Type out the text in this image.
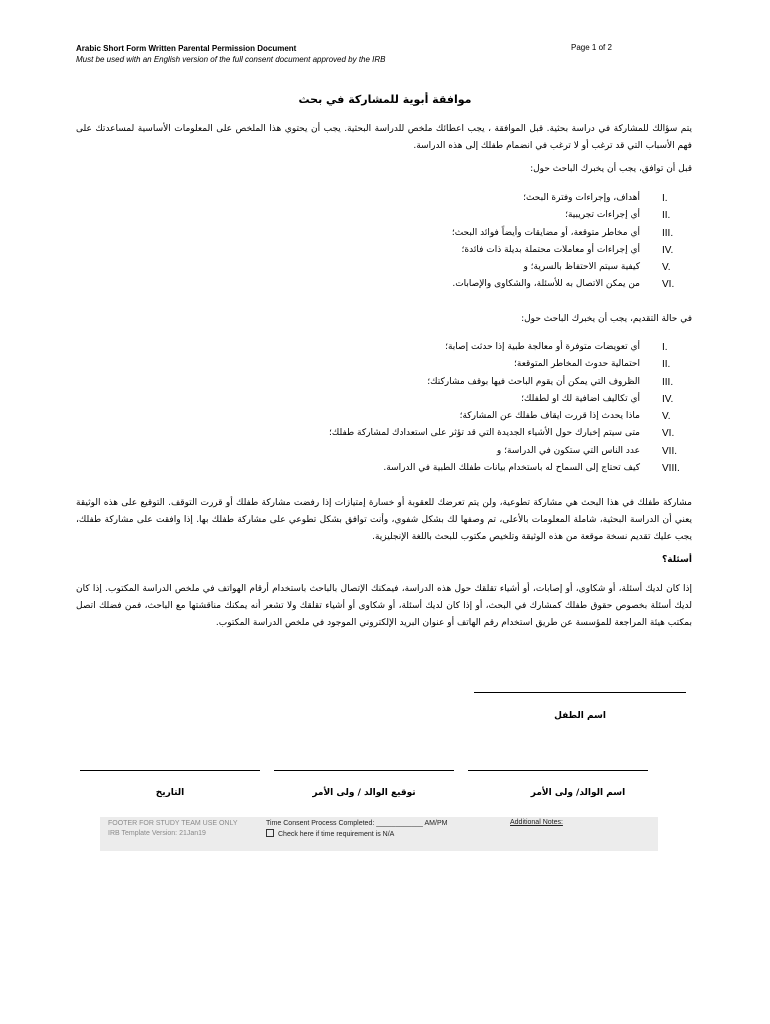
Arabic Short Form Written Parental Permission Document
Must be used with an English version of the full consent document approved by the IRB
Page 1 of 2
موافقة أبوية للمشاركة في بحث
يتم سؤالك للمشاركة في دراسة بحثية. قبل الموافقة ، يجب اعطائك ملخص للدراسة البحثية. يجب أن يحتوي هذا الملخص على المعلومات الأساسية لمساعدتك على فهم الأسباب التي قد ترغب أو لا ترغب في انضمام طفلك إلى هذه الدراسة.
قبل أن توافق، يجب أن يخبرك الباحث حول:
I.
أهداف، وإجراءات وفترة البحث؛
II.
أي إجراءات تجريبية؛
III.
أي مخاطر متوقعة، أو مضايقات وأيضاً فوائد البحث؛
IV.
أي إجراءات أو معاملات محتملة بديلة ذات فائدة؛
V.
كيفية سيتم الاحتفاظ بالسرية؛ و
VI.
من يمكن الاتصال به للأسئلة، والشكاوى والإصابات.
في حالة التقديم، يجب أن يخبرك الباحث حول:
I.
أي تعويضات متوفرة أو معالجة طبية إذا حدثت إصابة؛
II.
احتمالية حدوث المخاطر المتوقعة؛
III.
الظروف التي يمكن أن يقوم الباحث فيها بوقف مشاركتك؛
IV.
أي تكاليف اضافية لك او لطفلك؛
V.
ماذا يحدث إذا قررت ايقاف طفلك عن المشاركة؛
VI.
متى سيتم إخبارك حول الأشياء الجديدة التي قد تؤثر على استعدادك لمشاركة طفلك؛
VII.
عدد الناس التي ستكون في الدراسة؛ و
VIII.
كيف تحتاج إلى السماح له باستخدام بيانات طفلك الطبية في الدراسة.
مشاركة طفلك في هذا البحث هي مشاركة تطوعية، ولن يتم تعرضك للعقوبة أو خسارة إمتيازات إذا رفضت مشاركة طفلك أو قررت التوقف. التوقيع على هذه الوثيقة يعني أن الدراسة البحثية، شاملة المعلومات بالأعلى، تم وصفها لك بشكل شفوي، وأنت توافق بشكل تطوعي على مشاركة طفلك بها. إذا وافقت على مشاركة طفلك، يجب عليك تقديم نسخة موقعة من هذه الوثيقة وتلخيص مكتوب للبحث باللغة الإنجليزية.
أسئلة؟
إذا كان لديك أسئلة، أو شكاوى، أو إصابات، أو أشياء تقلقك حول هذه الدراسة، فيمكنك الإتصال بالباحث باستخدام أرقام الهواتف في ملخص الدراسة المكتوب. إذا كان لديك أسئلة بخصوص حقوق طفلك كمشارك في البحث، أو إذا كان لديك أسئلة، أو شكاوى أو أشياء تقلقك ولا تشعر أنه يمكنك مناقشتها مع الباحث، فمن فضلك اتصل بمكتب هيئة المراجعة للمؤسسة عن طريق استخدام رقم الهاتف أو عنوان البريد الإلكتروني الموجود في ملخص الدراسة المكتوب.
اسم الطفل
التاريخ	توقيع الوالد / ولى الأمر	اسم الوالد/ ولى الأمر
FOOTER FOR STUDY TEAM USE ONLY
IRB Template Version: 21Jan19
Time Consent Process Completed: ____________ AM/PM
Check here if time requirement is N/A
Additional Notes:
